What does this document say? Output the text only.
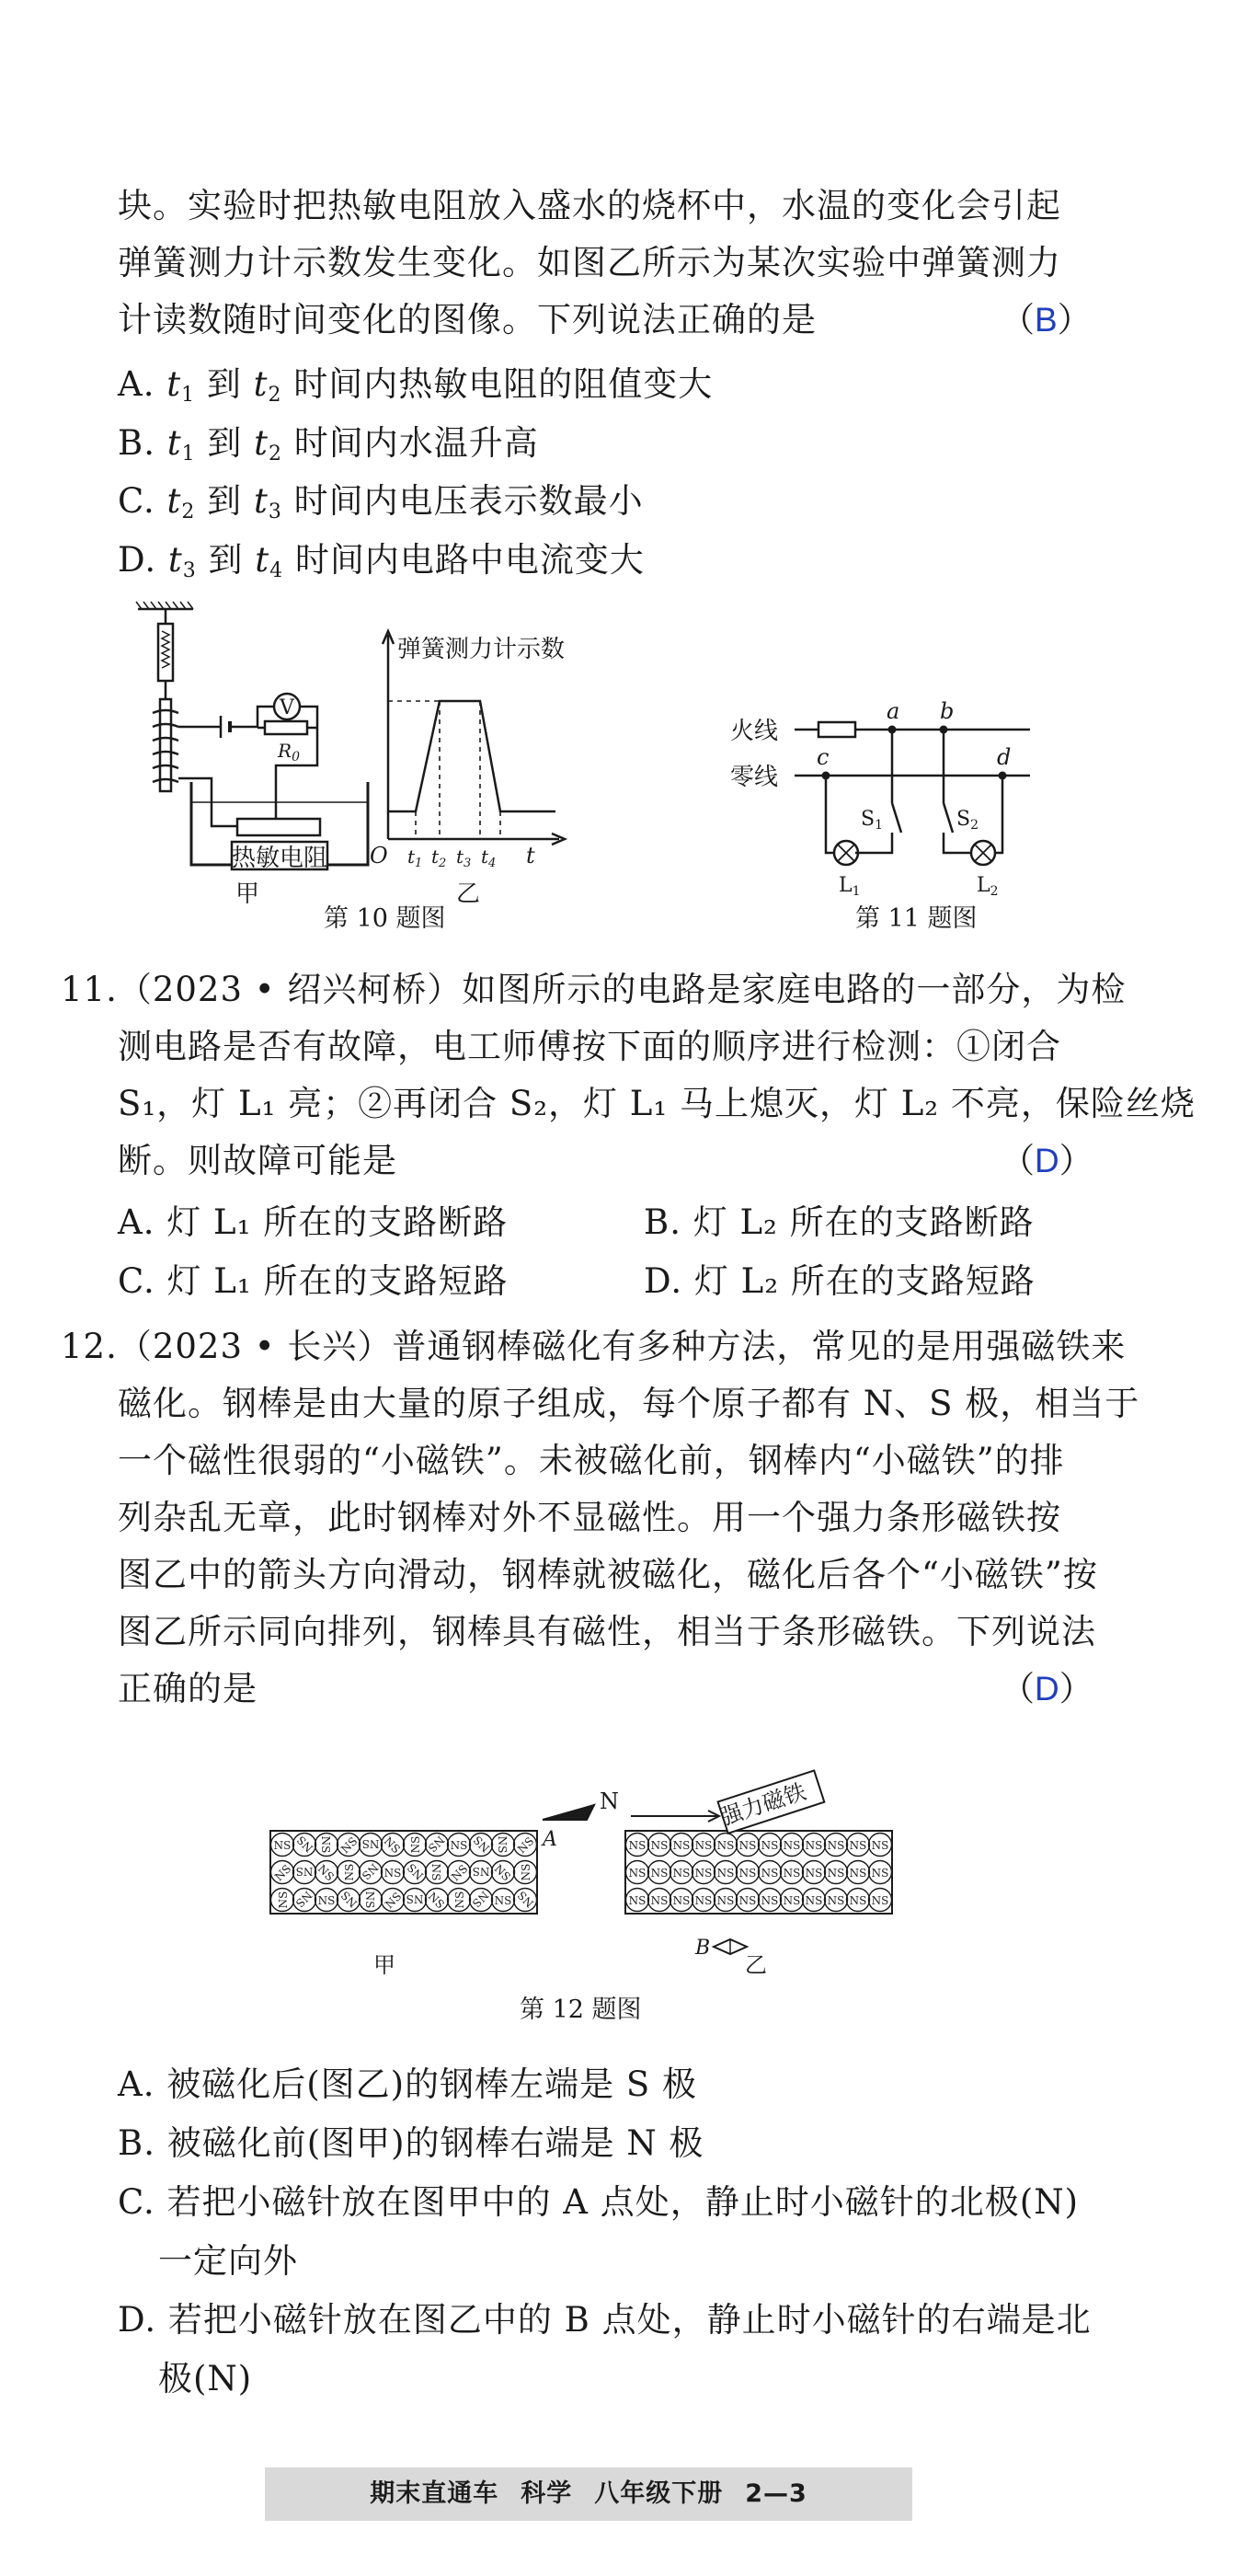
块。实验时把热敏电阻放入盛水的烧杯中，水温的变化会引起
弹簧测力计示数发生变化。如图乙所示为某次实验中弹簧测力
计读数随时间变化的图像。下列说法正确的是	（B）
A. $t_1$ 到 $t_2$ 时间内热敏电阻的阻值变大
B. $t_1$ 到 $t_2$ 时间内水温升高
C. $t_2$ 到 $t_3$ 时间内电压表示数最小
D. $t_3$ 到 $t_4$ 时间内电路中电流变大
V
$R_0$
热敏电阻
甲
弹簧测力计示数
O	t
$t_1$ $t_2$ $t_3$ $t_4$
乙
第 10 题图
火线
零线
a b
c	d
S1	S2
L1	L2
第 11 题图
11.（2023 • 绍兴柯桥）如图所示的电路是家庭电路的一部分，为检
测电路是否有故障，电工师傅按下面的顺序进行检测：①闭合
S₁，灯 L₁ 亮；②再闭合 S₂，灯 L₁ 马上熄灭，灯 L₂ 不亮，保险丝烧
断。则故障可能是	（D）
A. 灯 L₁ 所在的支路断路	B. 灯 L₂ 所在的支路断路
C. 灯 L₁ 所在的支路短路	D. 灯 L₂ 所在的支路短路
12.（2023 • 长兴）普通钢棒磁化有多种方法，常见的是用强磁铁来
磁化。钢棒是由大量的原子组成，每个原子都有 N、S 极，相当于
一个磁性很弱的“小磁铁”。未被磁化前，钢棒内“小磁铁”的排
列杂乱无章，此时钢棒对外不显磁性。用一个强力条形磁铁按
图乙中的箭头方向滑动，钢棒就被磁化，磁化后各个“小磁铁”按
图乙所示同向排列，钢棒具有磁性，相当于条形磁铁。下列说法
正确的是	（D）
NS NS NS NS NS NS NS NS NS NS NS NS
NS NS NS NS NS NS NS NS NS NS NS NS
NS NS NS NS NS NS NS NS NS NS NS NS
NS NS NS NS NS NS NS NS NS NS NS NS
NS NS NS NS NS NS NS NS NS NS NS NS
NS NS NS NS NS NS NS NS NS NS NS NS
强力磁铁
N
A
B
甲	乙
第 12 题图
A. 被磁化后(图乙)的钢棒左端是 S 极
B. 被磁化前(图甲)的钢棒右端是 N 极
C. 若把小磁针放在图甲中的 A 点处，静止时小磁针的北极(N)
一定向外
D. 若把小磁针放在图乙中的 B 点处，静止时小磁针的右端是北
极(N)
期末直通车 科学 八年级下册 2—3
